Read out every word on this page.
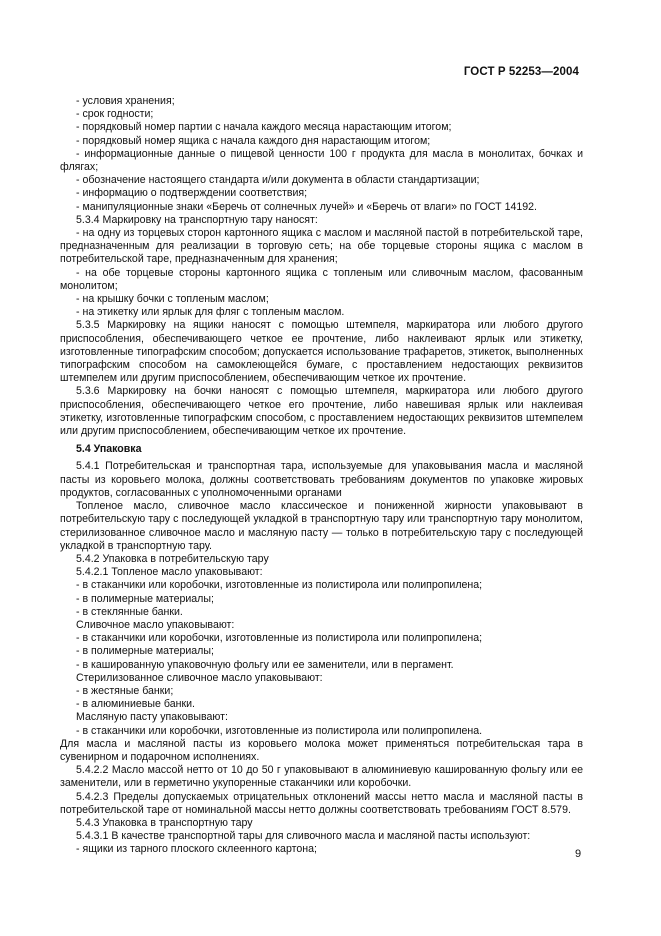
ГОСТ Р 52253—2004

- условия хранения;

- срок годности;

- порядковый номер партии с начала каждого месяца нарастающим итогом;

- порядковый номер ящика с начала каждого дня нарастающим итогом;

- информационные данные о пищевой ценности 100 г продукта для масла в монолитах, бочках и флягах;

- обозначение настоящего стандарта и/или документа в области стандартизации;

- информацию о подтверждении соответствия;

- манипуляционные знаки «Беречь от солнечных лучей» и «Беречь от влаги» по ГОСТ 14192.

5.3.4 Маркировку на транспортную тару наносят:

- на одну из торцевых сторон картонного ящика с маслом и масляной пастой в потребительской таре, предназначенным для реализации в торговую сеть; на обе торцевые стороны ящика с маслом в потребительской таре, предназначенным для хранения;

- на обе торцевые стороны картонного ящика с топленым или сливочным маслом, фасованным монолитом;

- на крышку бочки с топленым маслом;

- на этикетку или ярлык для фляг с топленым маслом.

5.3.5 Маркировку на ящики наносят с помощью штемпеля, маркиратора или любого другого приспособления, обеспечивающего четкое ее прочтение, либо наклеивают ярлык или этикетку, изготовленные типографским способом; допускается использование трафаретов, этикеток, выполненных типографским способом на самоклеющейся бумаге, с проставлением недостающих реквизитов штемпелем или другим приспособлением, обеспечивающим четкое их прочтение.

5.3.6 Маркировку на бочки наносят с помощью штемпеля, маркиратора или любого другого приспособления, обеспечивающего четкое его прочтение, либо навешивая ярлык или наклеивая этикетку, изготовленные типографским способом, с проставлением недостающих реквизитов штемпелем или другим приспособлением, обеспечивающим четкое их прочтение.

5.4 Упаковка

5.4.1 Потребительская и транспортная тара, используемые для упаковывания масла и масляной пасты из коровьего молока, должны соответствовать требованиям документов по упаковке жировых продуктов, согласованных с уполномоченными органами

Топленое масло, сливочное масло классическое и пониженной жирности упаковывают в потребительскую тару с последующей укладкой в транспортную тару или транспортную тару монолитом, стерилизованное сливочное масло и масляную пасту — только в потребительскую тару с последующей укладкой в транспортную тару.

5.4.2 Упаковка в потребительскую тару

5.4.2.1 Топленое масло упаковывают:

- в стаканчики или коробочки, изготовленные из полистирола или полипропилена;

- в полимерные материалы;

- в стеклянные банки.

Сливочное масло упаковывают:

- в стаканчики или коробочки, изготовленные из полистирола или полипропилена;

- в полимерные материалы;

- в кашированную упаковочную фольгу или ее заменители, или в пергамент.

Стерилизованное сливочное масло упаковывают:

- в жестяные банки;

- в алюминиевые банки.

Масляную пасту упаковывают:

- в стаканчики или коробочки, изготовленные из полистирола или полипропилена.

Для масла и масляной пасты из коровьего молока может применяться потребительская тара в сувенирном и подарочном исполнениях.

5.4.2.2 Масло массой нетто от 10 до 50 г упаковывают в алюминиевую кашированную фольгу или ее заменители, или в герметично укупоренные стаканчики или коробочки.

5.4.2.3 Пределы допускаемых отрицательных отклонений массы нетто масла и масляной пасты в потребительской таре от номинальной массы нетто должны соответствовать требованиям ГОСТ 8.579.

5.4.3 Упаковка в транспортную тару

5.4.3.1 В качестве транспортной тары для сливочного масла и масляной пасты используют:

- ящики из тарного плоского склеенного картона;	9
